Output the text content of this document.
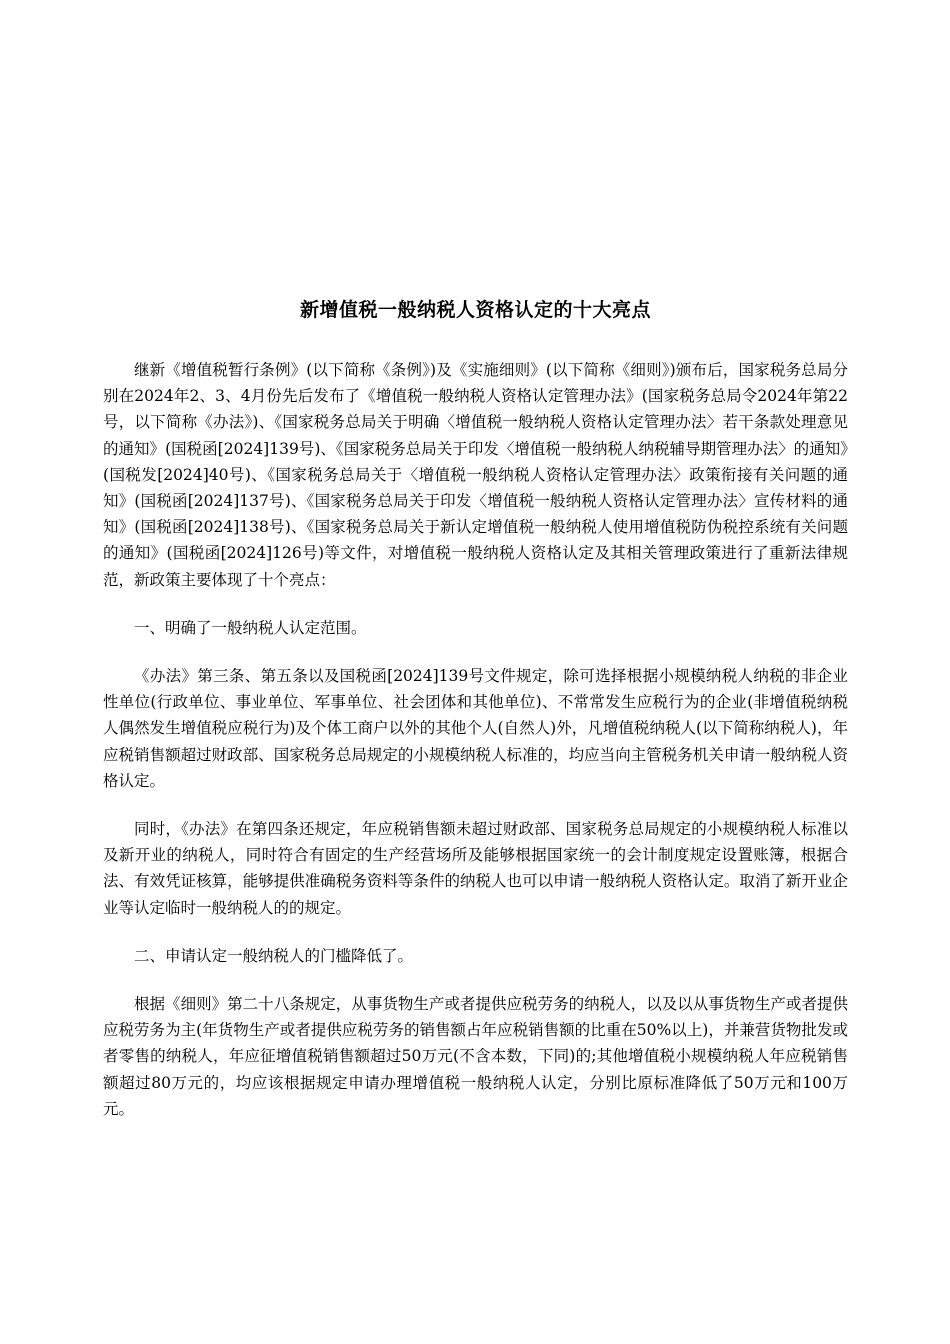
新增值税一般纳税人资格认定的十大亮点

继新《增值税暂行条例》(以下简称《条例》)及《实施细则》(以下简称《细则》)颁布后，国家税务总局分别在2024年2、3、4月份先后发布了《增值税一般纳税人资格认定管理办法》(国家税务总局令2024年第22号，以下简称《办法》)、《国家税务总局关于明确〈增值税一般纳税人资格认定管理办法〉若干条款处理意见的通知》(国税函[2024]139号)、《国家税务总局关于印发〈增值税一般纳税人纳税辅导期管理办法〉的通知》(国税发[2024]40号)、《国家税务总局关于〈增值税一般纳税人资格认定管理办法〉政策衔接有关问题的通知》(国税函[2024]137号)、《国家税务总局关于印发〈增值税一般纳税人资格认定管理办法〉宣传材料的通知》(国税函[2024]138号)、《国家税务总局关于新认定增值税一般纳税人使用增值税防伪税控系统有关问题的通知》(国税函[2024]126号)等文件，对增值税一般纳税人资格认定及其相关管理政策进行了重新法律规范，新政策主要体现了十个亮点：

一、明确了一般纳税人认定范围。

《办法》第三条、第五条以及国税函[2024]139号文件规定，除可选择根据小规模纳税人纳税的非企业性单位(行政单位、事业单位、军事单位、社会团体和其他单位)、不常常发生应税行为的企业(非增值税纳税人偶然发生增值税应税行为)及个体工商户以外的其他个人(自然人)外，凡增值税纳税人(以下简称纳税人)，年应税销售额超过财政部、国家税务总局规定的小规模纳税人标准的，均应当向主管税务机关申请一般纳税人资格认定。

同时，《办法》在第四条还规定，年应税销售额未超过财政部、国家税务总局规定的小规模纳税人标准以及新开业的纳税人，同时符合有固定的生产经营场所及能够根据国家统一的会计制度规定设置账簿，根据合法、有效凭证核算，能够提供准确税务资料等条件的纳税人也可以申请一般纳税人资格认定。取消了新开业企业等认定临时一般纳税人的的规定。

二、申请认定一般纳税人的门槛降低了。

根据《细则》第二十八条规定，从事货物生产或者提供应税劳务的纳税人，以及以从事货物生产或者提供应税劳务为主(年货物生产或者提供应税劳务的销售额占年应税销售额的比重在50%以上)，并兼营货物批发或者零售的纳税人，年应征增值税销售额超过50万元(不含本数，下同)的;其他增值税小规模纳税人年应税销售额超过80万元的，均应该根据规定申请办理增值税一般纳税人认定，分别比原标准降低了50万元和100万元。
